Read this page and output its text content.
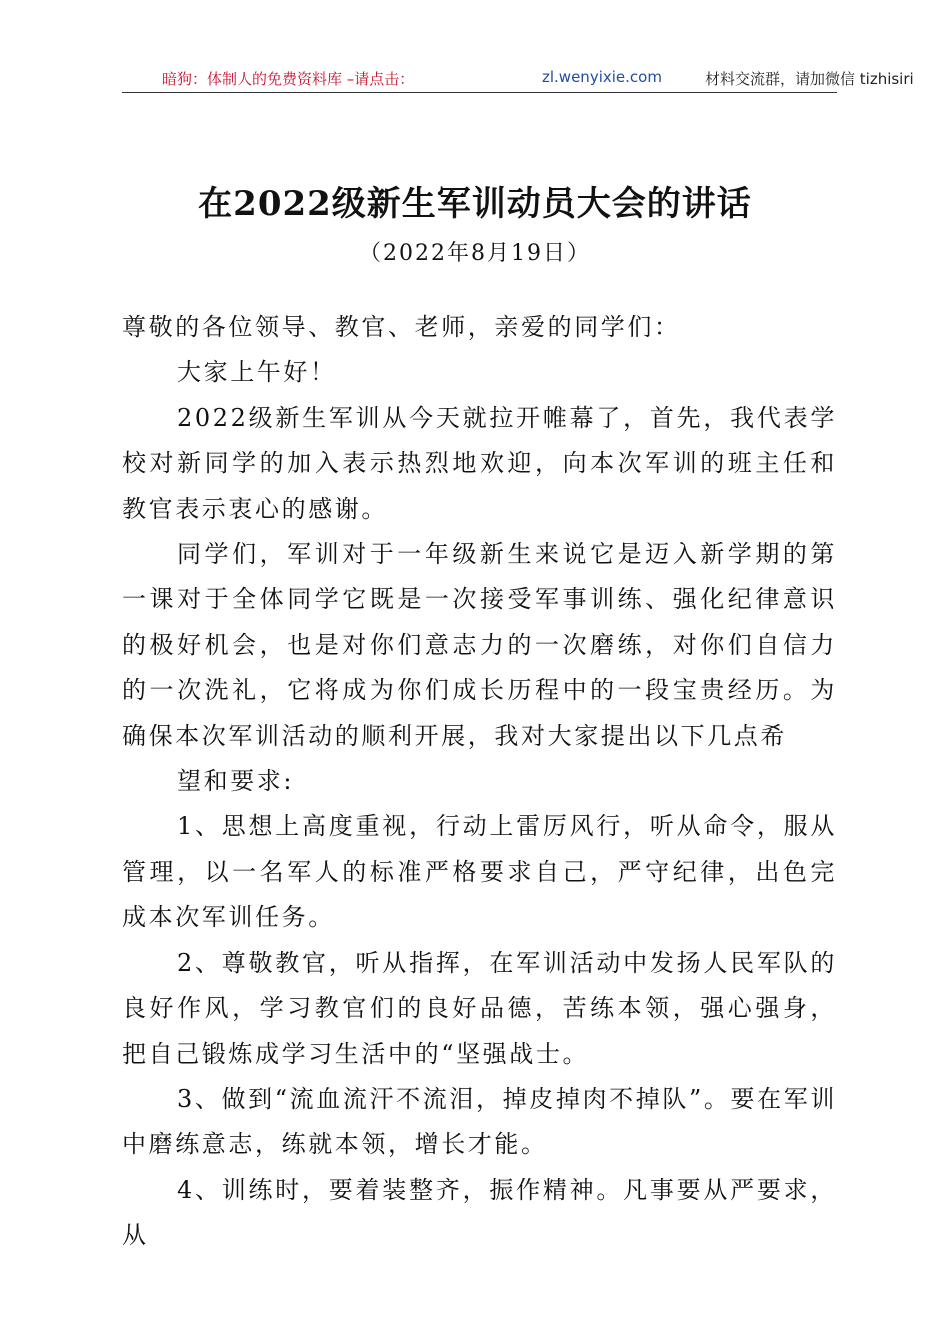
暗狗：体制人的免费资料库 –请点击：	zl.wenyixie.com	材料交流群，请加微信 tizhisiri
在2022级新生军训动员大会的讲话
（2022年8月19日）

尊敬的各位领导、教官、老师，亲爱的同学们：

大家上午好！

2022级新生军训从今天就拉开帷幕了，首先，我代表学校对新同学的加入表示热烈地欢迎，向本次军训的班主任和教官表示衷心的感谢。

同学们，军训对于一年级新生来说它是迈入新学期的第一课对于全体同学它既是一次接受军事训练、强化纪律意识的极好机会，也是对你们意志力的一次磨练，对你们自信力的一次洗礼，它将成为你们成长历程中的一段宝贵经历。为确保本次军训活动的顺利开展，我对大家提出以下几点希

望和要求:

1、思想上高度重视，行动上雷厉风行，听从命令，服从管理，以一名军人的标准严格要求自己，严守纪律，出色完成本次军训任务。

2、尊敬教官，听从指挥，在军训活动中发扬人民军队的良好作风，学习教官们的良好品德，苦练本领，强心强身，把自己锻炼成学习生活中的“坚强战士。

3、做到“流血流汗不流泪，掉皮掉肉不掉队”。要在军训中磨练意志，练就本领，增长才能。

4、训练时，要着装整齐，振作精神。凡事要从严要求，从
